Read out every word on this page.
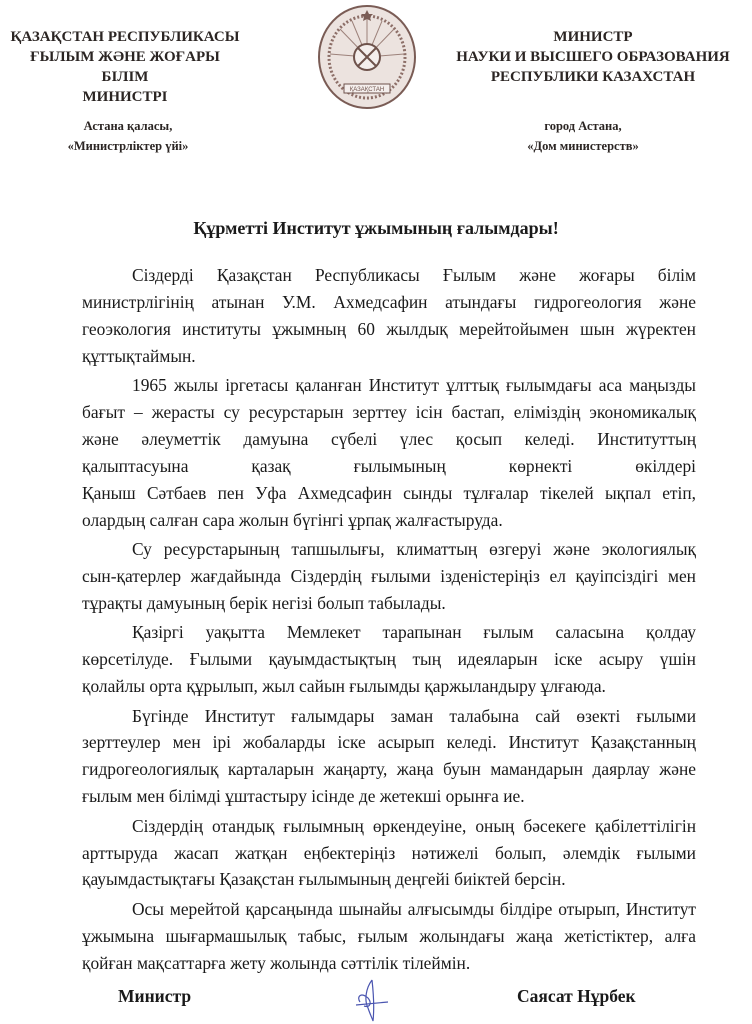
ҚАЗАҚСТАН РЕСПУБЛИКАСЫ
ҒЫЛЫМ ЖӘНЕ ЖОҒАРЫ БІЛІМ
МИНИСТРІ	ҚАЗАҚСТАН
МИНИСТР
НАУКИ И ВЫСШЕГО ОБРАЗОВАНИЯ
РЕСПУБЛИКИ КАЗАХСТАН
Астана қаласы,
«Министрліктер үйі»
город Астана,
«Дом министерств»
Құрметті Институт ұжымының ғалымдары!
Сіздерді Қазақстан Республикасы Ғылым және жоғары білім
министрлігінің атынан У.М. Ахмедсафин атындағы гидрогеология және
геоэкология институты ұжымның 60 жылдық мерейтойымен шын жүректен
құттықтаймын.
1965 жылы іргетасы қаланған Институт ұлттық ғылымдағы аса маңызды
бағыт – жерасты су ресурстарын зерттеу ісін бастап, еліміздің экономикалық
және әлеуметтік дамуына сүбелі үлес қосып келеді. Институттың
қалыптасуына қазақ ғылымының көрнекті өкілдері
Қаныш Сәтбаев пен Уфа Ахмедсафин сынды тұлғалар тікелей ықпал етіп,
олардың салған сара жолын бүгінгі ұрпақ жалғастыруда.
Су ресурстарының тапшылығы, климаттың өзгеруі және экологиялық
сын-қатерлер жағдайында Сіздердің ғылыми ізденістеріңіз ел қауіпсіздігі мен
тұрақты дамуының берік негізі болып табылады.
Қазіргі уақытта Мемлекет тарапынан ғылым саласына қолдау
көрсетілуде. Ғылыми қауымдастықтың тың идеяларын іске асыру үшін
қолайлы орта құрылып, жыл сайын ғылымды қаржыландыру ұлғаюда.
Бүгінде Институт ғалымдары заман талабына сай өзекті ғылыми
зерттеулер мен ірі жобаларды іске асырып келеді. Институт Қазақстанның
гидрогеологиялық карталарын жаңарту, жаңа буын мамандарын даярлау және
ғылым мен білімді ұштастыру ісінде де жетекші орынға ие.
Сіздердің отандық ғылымның өркендеуіне, оның бәсекеге қабілеттілігін
арттыруда жасап жатқан еңбектеріңіз нәтижелі болып, әлемдік ғылыми
қауымдастықтағы Қазақстан ғылымының деңгейі биіктей берсін.
Осы мерейтой қарсаңында шынайы алғысымды білдіре отырып, Институт
ұжымына шығармашылық табыс, ғылым жолындағы жаңа жетістіктер, алға
қойған мақсаттарға жету жолында сәттілік тілеймін.
Министр	Саясат Нұрбек
